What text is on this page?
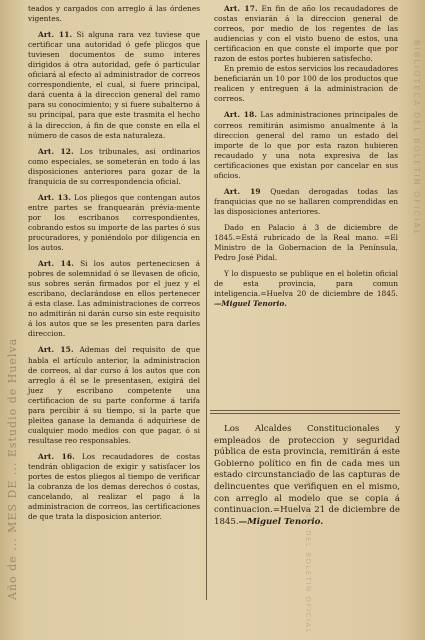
Año de ... MES DE ... Estudio de Huelva
BIBLIOTECA DEL BOLETIN OFICIAL

teados y cargados con arreglo á las órdenes vigentes.

Art. 11. Si alguna rara vez tuviese que certificar una autoridad ó gefe plicgos que tuviesen documentos de sumo interes dirigidos á otra autoridad, gefe ó particular oficiará al efecto al administrador de correos correspondiente, el cual, si fuere principal, dará cuenta á la direccion general del ramo para su conocimiento; y si fuere subalterno á su principal, para que este trasmita el hecho á la direccion, á fin de que conste en ella el número de casos de esta naturaleza.

Art. 12. Los tribunales, asi ordinarios como especiales, se someterán en todo á las disposiciones anteriores para gozar de la franquicia de su correspondencia oficial.

Art. 13. Los pliegos que contengan autos entre partes se franquearán prévia-mente por los escribanos correspondientes, cobrando estos su importe de las partes ó sus procuradores, y poniéndolo por diligencia en los autos.

Art. 14. Si los autos pertenecicsen á pobres de solemnidad ó se llevasen de oficio, sus sobres serán firmados por el juez y el escribano, declarándose en ellos pertenecer á esta clase. Las administraciones de correos no admitirán ni darán curso sin este requisito á los autos que se les presenten para darles direccion.

Art. 15. Ademas del requisito de que habla el artículo anterior, la administracion de correos, al dar curso á los autos que con arreglo á él se le presentasen, exigirá del juez y escribano competente una certificacion de su parte conforme á tarifa para percibir á su tiempo, si la parte que pleitea ganase la demanda ó adquiriese de cualquier modo medios con que pagar, ó si resultase reo responsables.

Art. 16. Los recaudadores de costas tendrán obligacion de exigir y satisfacer los portes de estos pliegos al tiempo de verificar la cobranza de los demas derechos ó costas, cancelando, al realizar el pago á la administracion de correos, las certificaciones de que trata la disposicion anterior.

Art. 17. En fin de año los recaudadores de costas enviarán á la direccion general de correos, por medio de los regentes de las audiencias y con el visto bueno de estos, una certificacion en que conste el importe que por razon de estos portes hubieren satisfecho.

En premio de estos servicios los recaudadores beneficiarán un 10 por 100 de los productos que realicen y entreguen á la administracion de correos.

Art. 18. Las administraciones principales de correos remitirán asimismo anualmente á la direccion general del ramo un estado del importe de lo que por esta razon hubieren recaudado y una nota expresiva de las certificaciones que existan por cancelar en sus oficios.

Art. 19 Quedan derogadas todas las franquicias que no se hallaren comprendidas en las disposiciones anteriores.

Dado en Palacio á 3 de diciembre de 1845.=Está rubricado de la Real mano. =El Ministro de la Gobernacion de la Península, Pedro José Pidal.

Y lo dispuesto se publique en el boletin oficial de esta provincia, para comun inteligencia.=Huelva 20 de diciembre de 1845.—Miguel Tenorio.

Los Alcaldes Constitucionales y empleados de proteccion y seguridad pública de esta provincia, remitirán á este Gobierno político en fin de cada mes un estado circunstanciado de las capturas de delincuentes que verifiquen en el mismo, con arreglo al modelo que se copia á continuacion.=Huelva 21 de diciembre de 1845.—Miguel Tenorio.

BIBLIOTECA DEL BOLETIN OFICIAL
